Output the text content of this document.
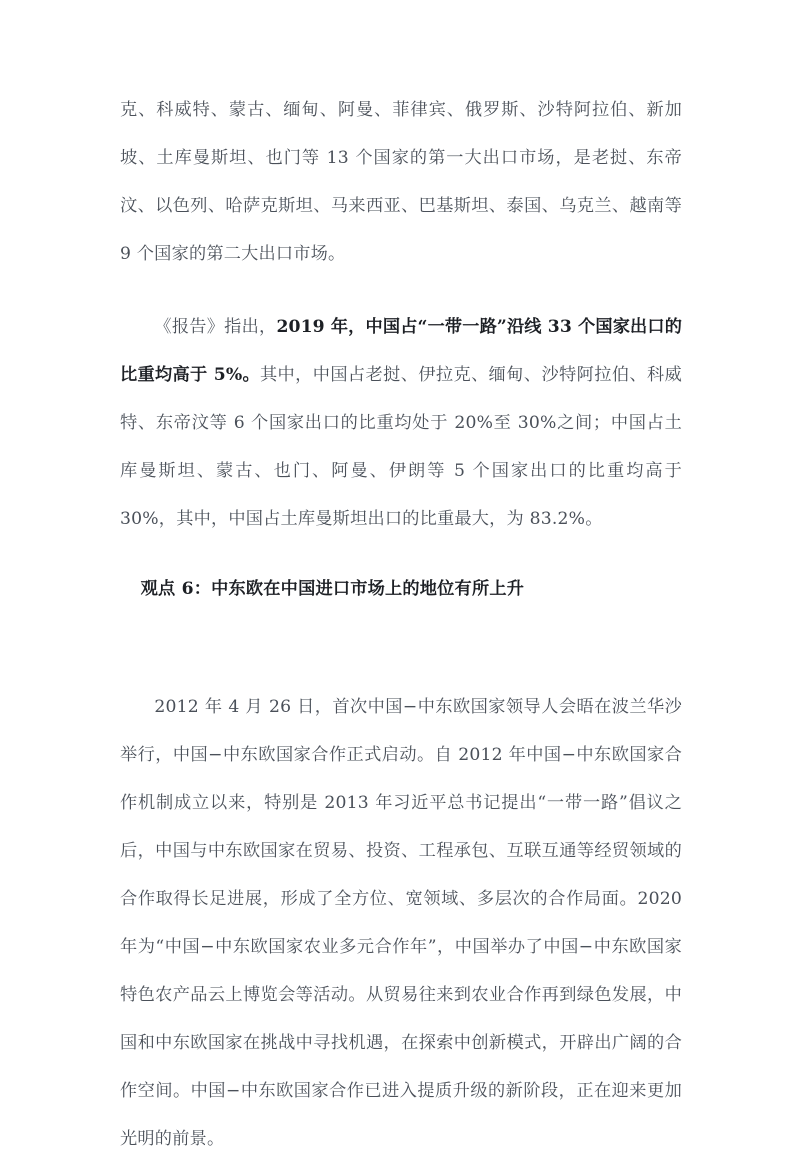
克、科威特、蒙古、缅甸、阿曼、菲律宾、俄罗斯、沙特阿拉伯、新加坡、土库曼斯坦、也门等 13 个国家的第一大出口市场，是老挝、东帝汶、以色列、哈萨克斯坦、马来西亚、巴基斯坦、泰国、乌克兰、越南等 9 个国家的第二大出口市场。

《报告》指出，2019 年，中国占“一带一路”沿线 33 个国家出口的比重均高于 5%。其中，中国占老挝、伊拉克、缅甸、沙特阿拉伯、科威特、东帝汶等 6 个国家出口的比重均处于 20%至 30%之间；中国占土库曼斯坦、蒙古、也门、阿曼、伊朗等 5 个国家出口的比重均高于 30%，其中，中国占土库曼斯坦出口的比重最大，为 83.2%。

观点 6：中东欧在中国进口市场上的地位有所上升

2012 年 4 月 26 日，首次中国−中东欧国家领导人会晤在波兰华沙举行，中国−中东欧国家合作正式启动。自 2012 年中国−中东欧国家合作机制成立以来，特别是 2013 年习近平总书记提出“一带一路”倡议之后，中国与中东欧国家在贸易、投资、工程承包、互联互通等经贸领域的合作取得长足进展，形成了全方位、宽领域、多层次的合作局面。2020 年为“中国−中东欧国家农业多元合作年”，中国举办了中国−中东欧国家特色农产品云上博览会等活动。从贸易往来到农业合作再到绿色发展，中国和中东欧国家在挑战中寻找机遇，在探索中创新模式，开辟出广阔的合作空间。中国−中东欧国家合作已进入提质升级的新阶段，正在迎来更加光明的前景。
